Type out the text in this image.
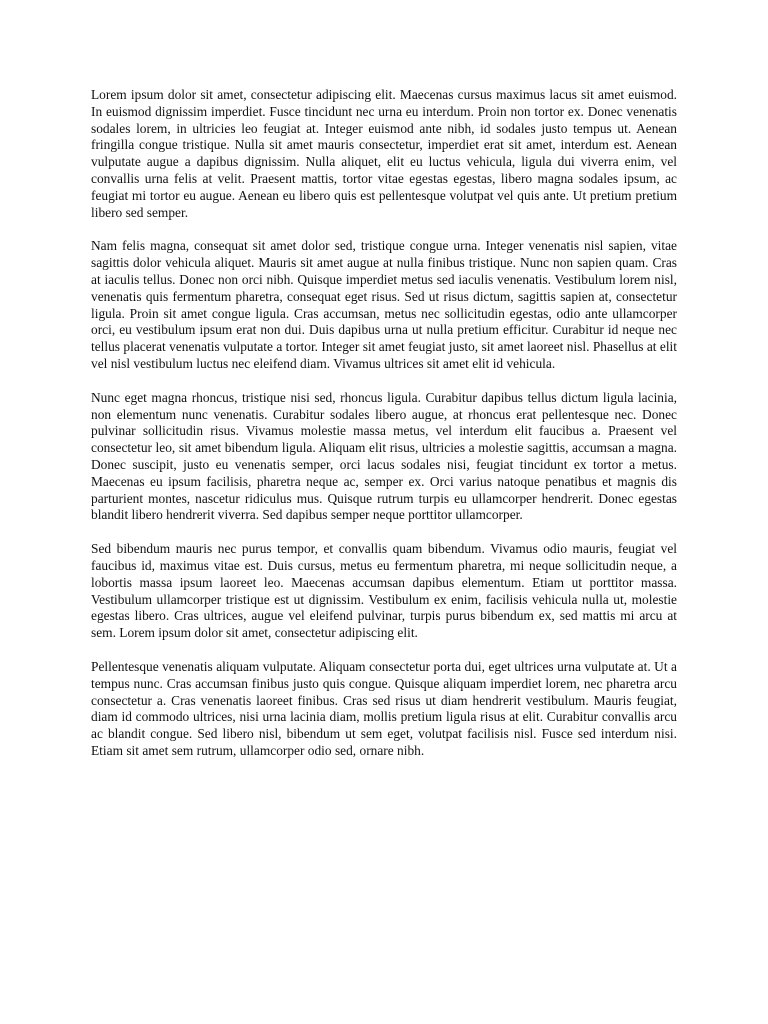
Lorem ipsum dolor sit amet, consectetur adipiscing elit. Maecenas cursus maximus lacus sit amet euismod. In euismod dignissim imperdiet. Fusce tincidunt nec urna eu interdum. Proin non tortor ex. Donec venenatis sodales lorem, in ultricies leo feugiat at. Integer euismod ante nibh, id sodales justo tempus ut. Aenean fringilla congue tristique. Nulla sit amet mauris consectetur, imperdiet erat sit amet, interdum est. Aenean vulputate augue a dapibus dignissim. Nulla aliquet, elit eu luctus vehicula, ligula dui viverra enim, vel convallis urna felis at velit. Praesent mattis, tortor vitae egestas egestas, libero magna sodales ipsum, ac feugiat mi tortor eu augue. Aenean eu libero quis est pellentesque volutpat vel quis ante. Ut pretium pretium libero sed semper.

Nam felis magna, consequat sit amet dolor sed, tristique congue urna. Integer venenatis nisl sapien, vitae sagittis dolor vehicula aliquet. Mauris sit amet augue at nulla finibus tristique. Nunc non sapien quam. Cras at iaculis tellus. Donec non orci nibh. Quisque imperdiet metus sed iaculis venenatis. Vestibulum lorem nisl, venenatis quis fermentum pharetra, consequat eget risus. Sed ut risus dictum, sagittis sapien at, consectetur ligula. Proin sit amet congue ligula. Cras accumsan, metus nec sollicitudin egestas, odio ante ullamcorper orci, eu vestibulum ipsum erat non dui. Duis dapibus urna ut nulla pretium efficitur. Curabitur id neque nec tellus placerat venenatis vulputate a tortor. Integer sit amet feugiat justo, sit amet laoreet nisl. Phasellus at elit vel nisl vestibulum luctus nec eleifend diam. Vivamus ultrices sit amet elit id vehicula.

Nunc eget magna rhoncus, tristique nisi sed, rhoncus ligula. Curabitur dapibus tellus dictum ligula lacinia, non elementum nunc venenatis. Curabitur sodales libero augue, at rhoncus erat pellentesque nec. Donec pulvinar sollicitudin risus. Vivamus molestie massa metus, vel interdum elit faucibus a. Praesent vel consectetur leo, sit amet bibendum ligula. Aliquam elit risus, ultricies a molestie sagittis, accumsan a magna. Donec suscipit, justo eu venenatis semper, orci lacus sodales nisi, feugiat tincidunt ex tortor a metus. Maecenas eu ipsum facilisis, pharetra neque ac, semper ex. Orci varius natoque penatibus et magnis dis parturient montes, nascetur ridiculus mus. Quisque rutrum turpis eu ullamcorper hendrerit. Donec egestas blandit libero hendrerit viverra. Sed dapibus semper neque porttitor ullamcorper.

Sed bibendum mauris nec purus tempor, et convallis quam bibendum. Vivamus odio mauris, feugiat vel faucibus id, maximus vitae est. Duis cursus, metus eu fermentum pharetra, mi neque sollicitudin neque, a lobortis massa ipsum laoreet leo. Maecenas accumsan dapibus elementum. Etiam ut porttitor massa. Vestibulum ullamcorper tristique est ut dignissim. Vestibulum ex enim, facilisis vehicula nulla ut, molestie egestas libero. Cras ultrices, augue vel eleifend pulvinar, turpis purus bibendum ex, sed mattis mi arcu at sem. Lorem ipsum dolor sit amet, consectetur adipiscing elit.

Pellentesque venenatis aliquam vulputate. Aliquam consectetur porta dui, eget ultrices urna vulputate at. Ut a tempus nunc. Cras accumsan finibus justo quis congue. Quisque aliquam imperdiet lorem, nec pharetra arcu consectetur a. Cras venenatis laoreet finibus. Cras sed risus ut diam hendrerit vestibulum. Mauris feugiat, diam id commodo ultrices, nisi urna lacinia diam, mollis pretium ligula risus at elit. Curabitur convallis arcu ac blandit congue. Sed libero nisl, bibendum ut sem eget, volutpat facilisis nisl. Fusce sed interdum nisi. Etiam sit amet sem rutrum, ullamcorper odio sed, ornare nibh.
